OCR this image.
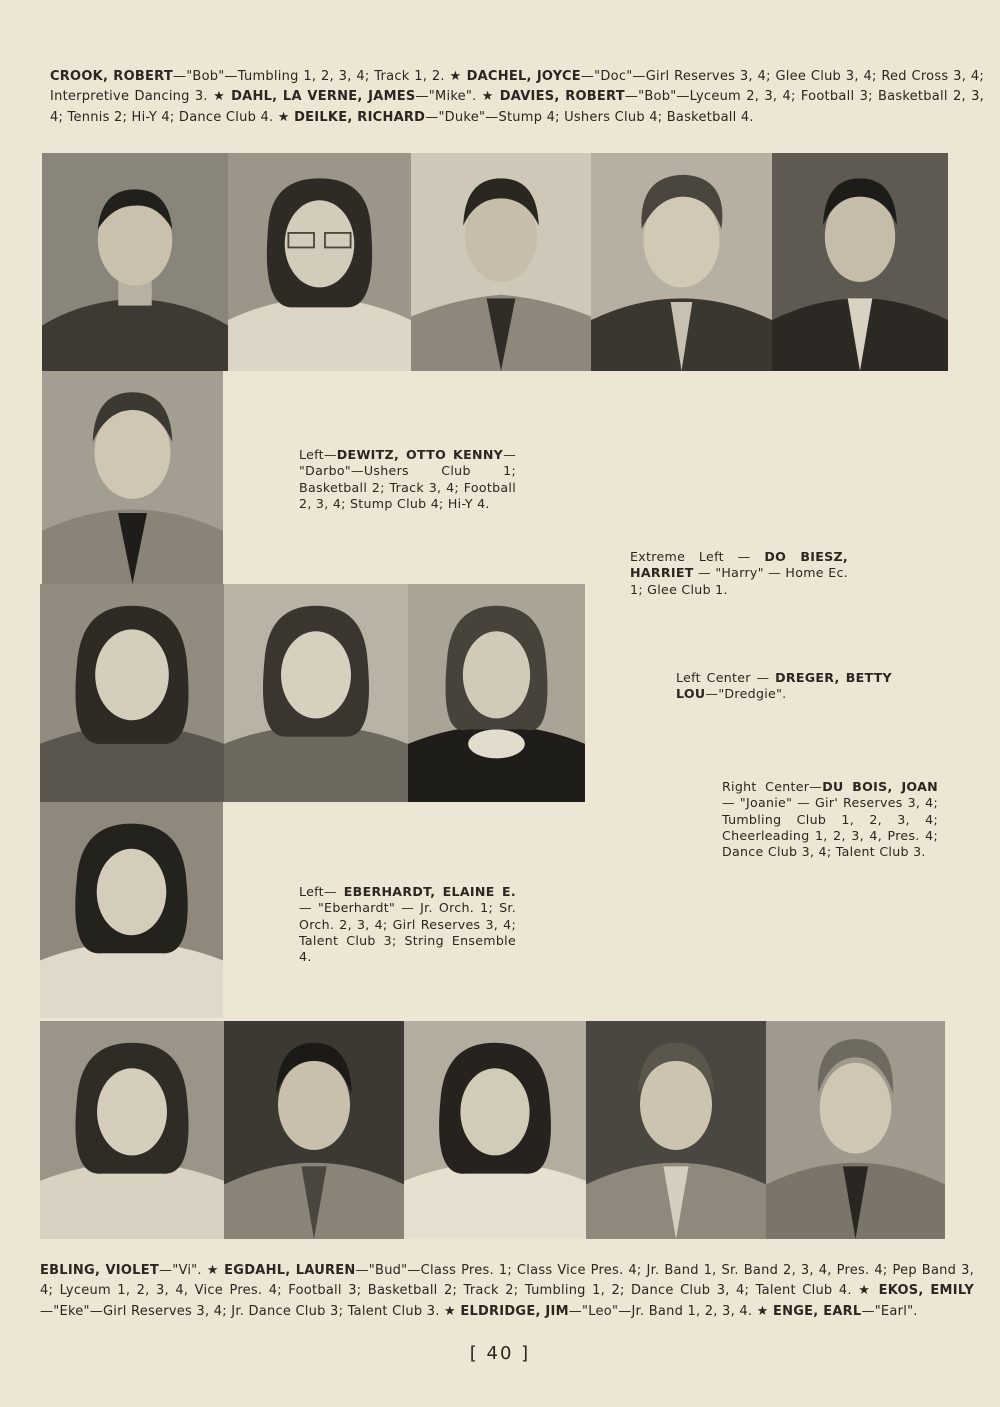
CROOK, ROBERT—"Bob"—Tumbling 1, 2, 3, 4; Track 1, 2. ★ DACHEL, JOYCE—"Doc"—Girl Reserves 3, 4; Glee Club 3, 4; Red Cross 3, 4; Interpretive Dancing 3. ★ DAHL, LA VERNE, JAMES—"Mike". ★ DAVIES, ROBERT—"Bob"—Lyceum 2, 3, 4; Football 3; Basketball 2, 3, 4; Tennis 2; Hi-Y 4; Dance Club 4. ★ DEILKE, RICHARD—"Duke"—Stump 4; Ushers Club 4; Basketball 4.
Left—DEWITZ, OTTO KENNY— "Darbo"—Ushers Club 1; Basketball 2; Track 3, 4; Football 2, 3, 4; Stump Club 4; Hi-Y 4.
Extreme Left — DO BIESZ, HARRIET — "Harry" — Home Ec. 1; Glee Club 1.
Left Center — DREGER, BETTY LOU—"Dredgie".
Right Center—DU BOIS, JOAN— "Joanie" — Gir' Reserves 3, 4; Tumbling Club 1, 2, 3, 4; Cheerleading 1, 2, 3, 4, Pres. 4; Dance Club 3, 4; Talent Club 3.
Left— EBERHARDT, ELAINE E.— "Eberhardt" — Jr. Orch. 1; Sr. Orch. 2, 3, 4; Girl Reserves 3, 4; Talent Club 3; String Ensemble 4.
EBLING, VIOLET—"Vi". ★ EGDAHL, LAUREN—"Bud"—Class Pres. 1; Class Vice Pres. 4; Jr. Band 1, Sr. Band 2, 3, 4, Pres. 4; Pep Band 3, 4; Lyceum 1, 2, 3, 4, Vice Pres. 4; Football 3; Basketball 2; Track 2; Tumbling 1, 2; Dance Club 3, 4; Talent Club 4. ★ EKOS, EMILY—"Eke"—Girl Reserves 3, 4; Jr. Dance Club 3; Talent Club 3. ★ ELDRIDGE, JIM—"Leo"—Jr. Band 1, 2, 3, 4. ★ ENGE, EARL—"Earl".
[ 40 ]
